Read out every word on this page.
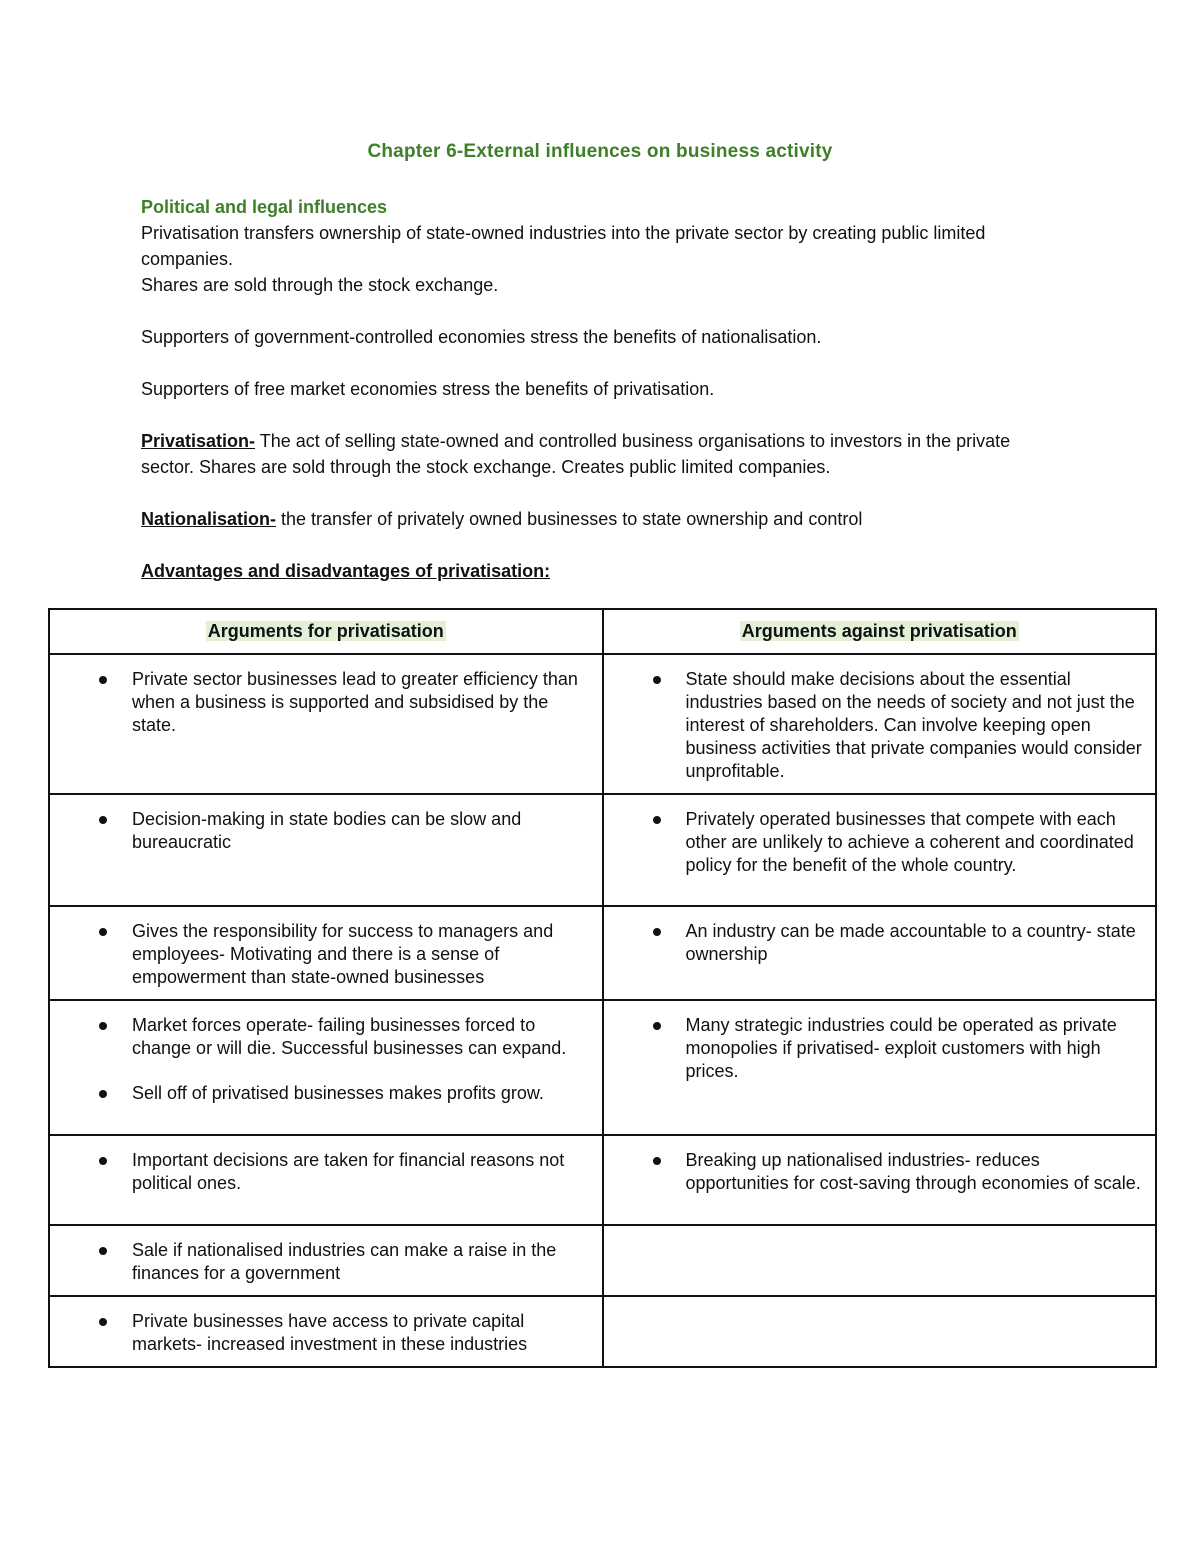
Chapter 6-External influences on business activity
Political and legal influences

Privatisation transfers ownership of state-owned industries into the private sector by creating public limited companies.

Shares are sold through the stock exchange.

Supporters of government-controlled economies stress the benefits of nationalisation.

Supporters of free market economies stress the benefits of privatisation.

Privatisation- The act of selling state-owned and controlled business organisations to investors in the private sector. Shares are sold through the stock exchange. Creates public limited companies.

Nationalisation- the transfer of privately owned businesses to state ownership and control

Advantages and disadvantages of privatisation:

Arguments for privatisation	Arguments against privatisation

Private sector businesses lead to greater efficiency than when a business is supported and subsidised by the state.	State should make decisions about the essential industries based on the needs of society and not just the interest of shareholders. Can involve keeping open business activities that private companies would consider unprofitable.

Decision-making in state bodies can be slow and bureaucratic	Privately operated businesses that compete with each other are unlikely to achieve a coherent and coordinated policy for the benefit of the whole country.

Gives the responsibility for success to managers and employees- Motivating and there is a sense of empowerment than state-owned businesses	An industry can be made accountable to a country- state ownership

Market forces operate- failing businesses forced to change or will die. Successful businesses can expand.
Sell off of privatised businesses makes profits grow.	Many strategic industries could be operated as private monopolies if privatised- exploit customers with high prices.

Important decisions are taken for financial reasons not political ones.	Breaking up nationalised industries- reduces opportunities for cost-saving through economies of scale.

Sale if nationalised industries can make a raise in the finances for a government	

Private businesses have access to private capital markets- increased investment in these industries	
